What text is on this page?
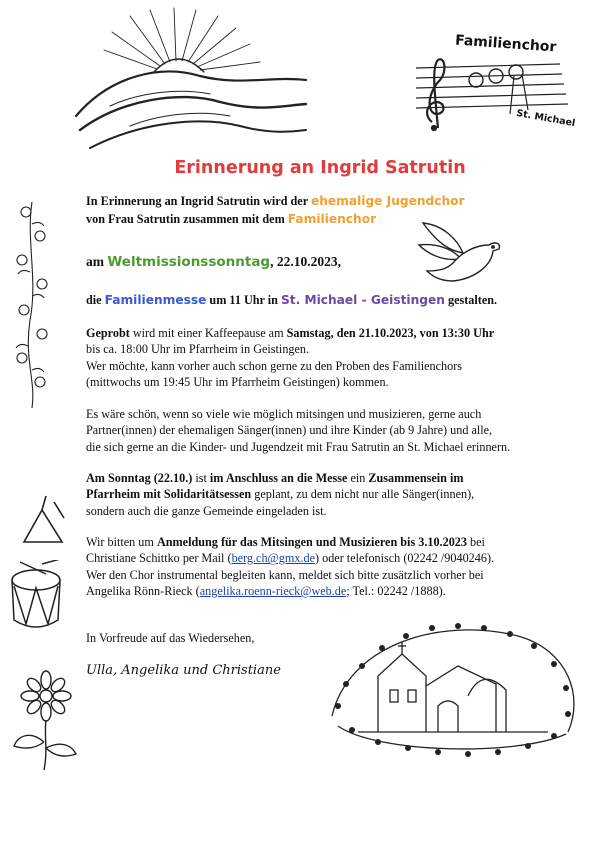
Familienchor
St. Michael
Erinnerung an Ingrid Satrutin

In Erinnerung an Ingrid Satrutin wird der ehemalige Jugendchor

von Frau Satrutin zusammen mit dem Familienchor

am Weltmissionssonntag, 22.10.2023,

die Familienmesse um 11 Uhr in St. Michael - Geistingen gestalten.

Geprobt wird mit einer Kaffeepause am Samstag, den 21.10.2023, von 13:30 Uhr

bis ca. 18:00 Uhr im Pfarrheim in Geistingen.

Wer möchte, kann vorher auch schon gerne zu den Proben des Familienchors

(mittwochs um 19:45 Uhr im Pfarrheim Geistingen) kommen.

Es wäre schön, wenn so viele wie möglich mitsingen und musizieren, gerne auch

Partner(innen) der ehemaligen Sänger(innen) und ihre Kinder (ab 9 Jahre) und alle,

die sich gerne an die Kinder- und Jugendzeit mit Frau Satrutin an St. Michael erinnern.

Am Sonntag (22.10.) ist im Anschluss an die Messe ein Zusammensein im

Pfarrheim mit Solidaritätsessen geplant, zu dem nicht nur alle Sänger(innen),

sondern auch die ganze Gemeinde eingeladen ist.

Wir bitten um Anmeldung für das Mitsingen und Musizieren bis 3.10.2023 bei

Christiane Schittko per Mail (berg.ch@gmx.de) oder telefonisch (02242 /9040246).

Wer den Chor instrumental begleiten kann, meldet sich bitte zusätzlich vorher bei

Angelika Rönn-Rieck (angelika.roenn-rieck@web.de; Tel.: 02242 /1888).

In Vorfreude auf das Wiedersehen,

Ulla, Angelika und Christiane
